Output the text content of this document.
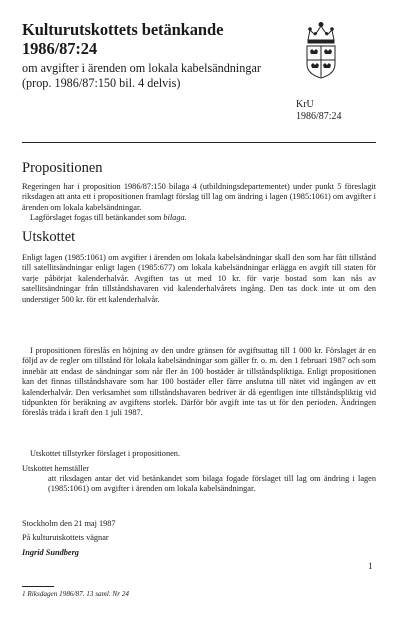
Kulturutskottets betänkande
1986/87:24
om avgifter i ärenden om lokala kabelsändningar
(prop. 1986/87:150 bil. 4 delvis)
KrU
1986/87:24
Propositionen
Regeringen har i proposition 1986/87:150 bilaga 4 (utbildningsdepartementet) under punkt 5 föreslagit riksdagen att anta ett i propositionen framlagt förslag till lag om ändring i lagen (1985:1061) om avgifter i ärenden om lokala kabelsändningar.
Lagförslaget fogas till betänkandet som bilaga.
Utskottet
Enligt lagen (1985:1061) om avgifter i ärenden om lokala kabelsändningar skall den som har fått tillstånd till satellitsändningar enligt lagen (1985:677) om lokala kabelsändningar erlägga en avgift till staten för varje påbörjat kalenderhalvår. Avgiften tas ut med 10 kr. för varje bostad som kan nås av satellitsändningar från tillståndshavaren vid kalenderhalvårets ingång. Den tas dock inte ut om den understiger 500 kr. för ett kalenderhalvår.
I propositionen föreslås en höjning av den undre gränsen för avgiftsuttag till 1 000 kr. Förslaget är en följd av de regler om tillstånd för lokala kabelsändningar som gäller fr. o. m. den 1 februari 1987 och som innebär att endast de sändningar som når fler än 100 bostäder är tillståndspliktiga. Enligt propositionen kan det finnas tillståndshavare som har 100 bostäder eller färre anslutna till nätet vid ingången av ett kalenderhalvår. Den verksamhet som tillståndshavaren bedriver är då egentligen inte tillståndspliktig vid tidpunkten för beräkning av avgiftens storlek. Därför bör avgift inte tas ut för den perioden. Ändringen föreslås träda i kraft den 1 juli 1987.
Utskottet tillstyrker förslaget i propositionen.
Utskottet hemställer
att riksdagen antar det vid betänkandet som bilaga fogade förslaget till lag om ändring i lagen (1985:1061) om avgifter i ärenden om lokala kabelsändningar.
Stockholm den 21 maj 1987
På kulturutskottets vägnar
Ingrid Sundberg
1
1 Riksdagen 1986/87. 13 saml. Nr 24
